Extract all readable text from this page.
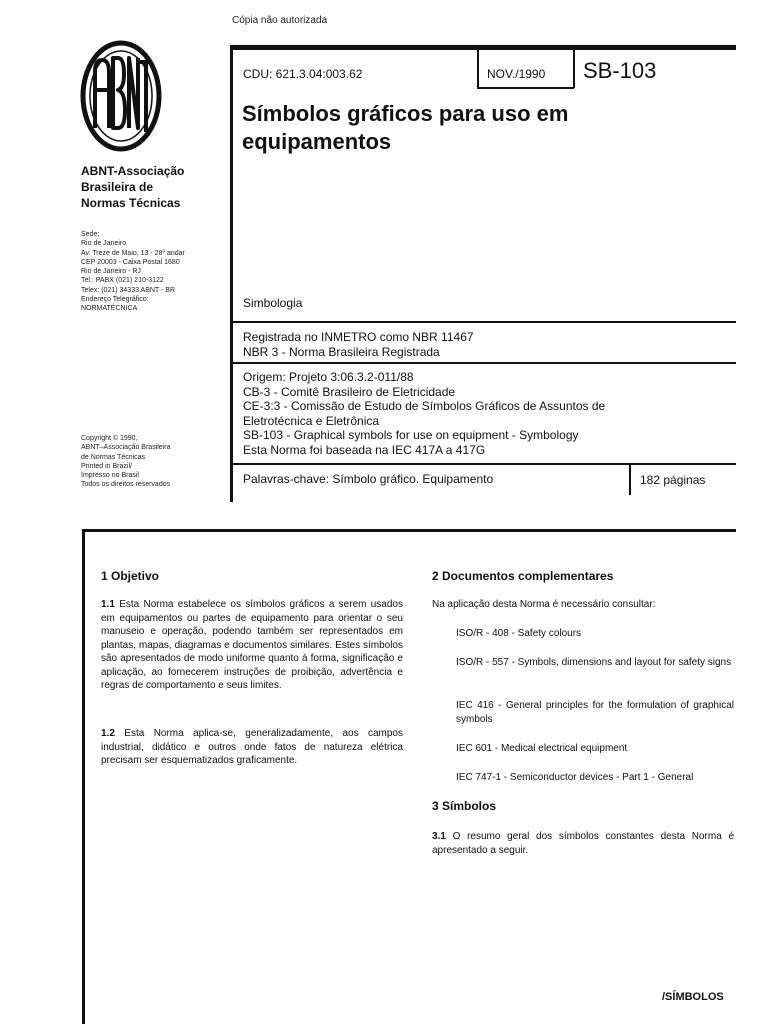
Cópia não autorizada
ABNT-Associação
Brasileira de
Normas Técnicas
Sede:
Rio de Janeiro
Av. Treze de Maio, 13 - 28º andar
CEP 20003 - Caixa Postal 1680
Rio de Janeiro - RJ
Tel.: PABX (021) 210-3122
Telex: (021) 34333 ABNT - BR
Endereço Telegráfico:
NORMATÉCNICA
Copyright © 1990,
ABNT–Associação Brasileira
de Normas Técnicas
Printed in Brazil/
Impresso no Brasil
Todos os direitos reservados
CDU: 621.3.04:003.62	NOV./1990 SB-103
Símbolos gráficos para uso em
equipamentos
Simbologia
Registrada no INMETRO como NBR 11467
NBR 3 - Norma Brasileira Registrada
Origem: Projeto 3:06.3.2-011/88
CB-3 - Comitê Brasileiro de Eletricidade
CE-3:3 - Comissão de Estudo de Símbolos Gráficos de Assuntos de
Eletrotécnica e Eletrônica
SB-103 - Graphical symbols for use on equipment - Symbology
Esta Norma foi baseada na IEC 417A a 417G
Palavras-chave: Símbolo gráfico. Equipamento	182 páginas
1 Objetivo
1.1 Esta Norma estabelece os símbolos gráficos a serem usados em equipamentos ou partes de equipamento para orientar o seu manuseio e operação, podendo também ser representados em plantas, mapas, diagramas e documentos similares. Estes símbolos são apresentados de modo uniforme quanto à forma, significação e aplicação, ao fornecerem instruções de proibição, advertência e regras de comportamento e seus limites.
1.2 Esta Norma aplica-se, generalizadamente, aos campos industrial, didático e outros onde fatos de natureza elétrica precisam ser esquematizados graficamente.
2 Documentos complementares
Na aplicação desta Norma é necessário consultar:
ISO/R - 408 - Safety colours
ISO/R - 557 - Symbols, dimensions and layout for safety signs
IEC 416 - General principles for the formulation of graphical symbols
IEC 601 - Medical electrical equipment
IEC 747-1 - Semiconductor devices - Part 1 - General
3 Símbolos
3.1 O resumo geral dos símbolos constantes desta Norma é apresentado a seguir.
/SÍMBOLOS
